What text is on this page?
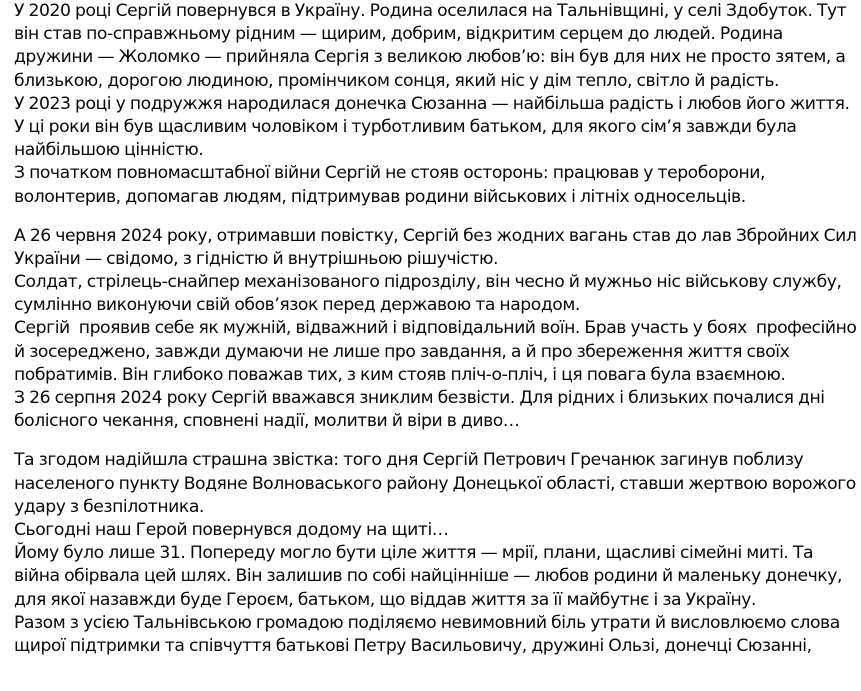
У 2020 році Сергій повернувся в Україну. Родина оселилася на Тальнівщині, у селі Здобуток. Тут
він став по-справжньому рідним — щирим, добрим, відкритим серцем до людей. Родина
дружини — Жоломко — прийняла Сергія з великою любов’ю: він був для них не просто зятем, а
близькою, дорогою людиною, промінчиком сонця, який ніс у дім тепло, світло й радість.
У 2023 році у подружжя народилася донечка Сюзанна — найбільша радість і любов його життя.
У ці роки він був щасливим чоловіком і турботливим батьком, для якого сім’я завжди була
найбільшою цінністю.
З початком повномасштабної війни Сергій не стояв осторонь: працював у тероборони,
волонтерив, допомагав людям, підтримував родини військових і літніх односельців.
А 26 червня 2024 року, отримавши повістку, Сергій без жодних вагань став до лав Збройних Сил
України — свідомо, з гідністю й внутрішньою рішучістю.
Солдат, стрілець-снайпер механізованого підрозділу, він чесно й мужньо ніс військову службу,
сумлінно виконуючи свій обов’язок перед державою та народом.
Сергій  проявив себе як мужній, відважний і відповідальний воїн. Брав участь у боях  професійно
й зосереджено, завжди думаючи не лише про завдання, а й про збереження життя своїх
побратимів. Він глибоко поважав тих, з ким стояв пліч-о-пліч, і ця повага була взаємною.
З 26 серпня 2024 року Сергій вважався зниклим безвісти. Для рідних і близьких почалися дні
болісного чекання, сповнені надії, молитви й віри в диво…
Та згодом надійшла страшна звістка: того дня Сергій Петрович Гречанюк загинув поблизу
населеного пункту Водяне Волноваського району Донецької області, ставши жертвою ворожого
удару з безпілотника.
Сьогодні наш Герой повернувся додому на щиті…
Йому було лише 31. Попереду могло бути ціле життя — мрії, плани, щасливі сімейні миті. Та
війна обірвала цей шлях. Він залишив по собі найцінніше — любов родини й маленьку донечку,
для якої назавжди буде Героєм, батьком, що віддав життя за її майбутнє і за Україну.
Разом з усією Тальнівською громадою поділяємо невимовний біль утрати й висловлюємо слова
щирої підтримки та співчуття батькові Петру Васильовичу, дружині Ользі, донечці Сюзанні,
